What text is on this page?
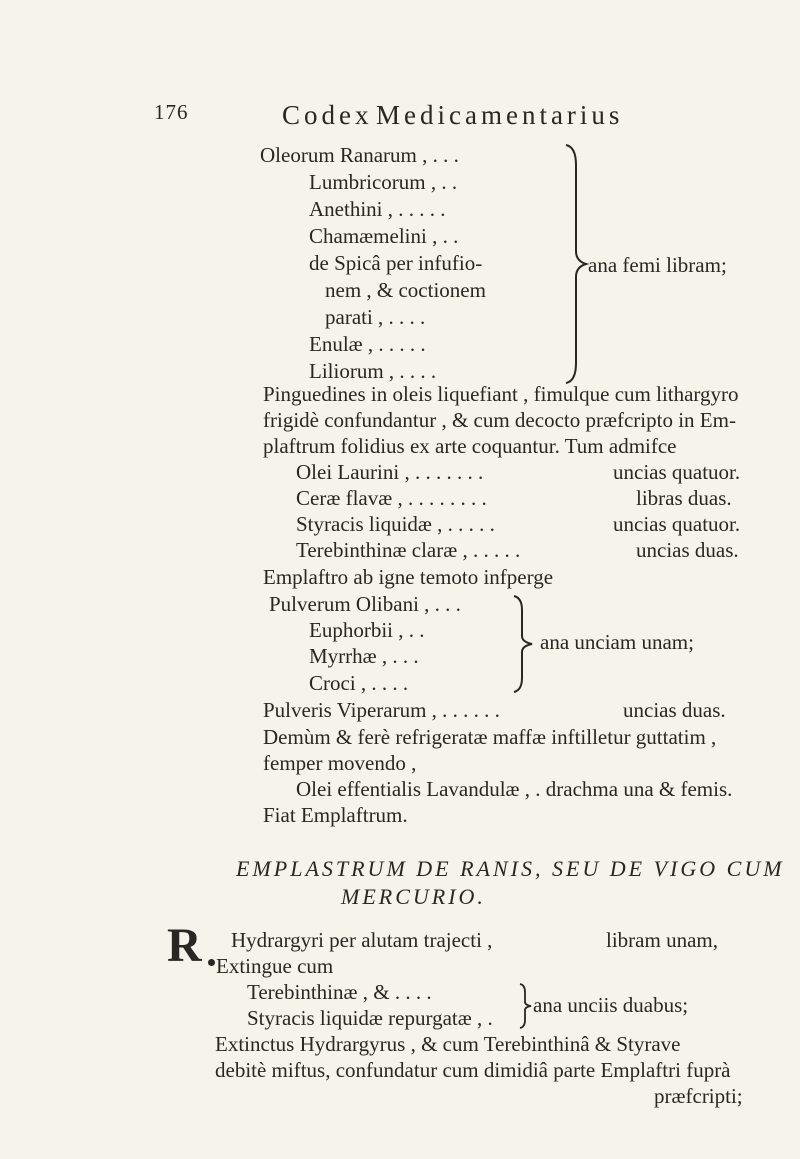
176	Codex Medicamentarius
Oleorum Ranarum , . . .
Lumbricorum , . .
Anethini , . . . . .
Chamæmelini , . .
de Spicâ per infufio-
nem , & coctionem
parati , . . . .
Enulæ , . . . . .
Liliorum , . . . .
ana femi libram;
Pinguedines in oleis liquefiant , fimulque cum lithargyro
frigidè confundantur , & cum decocto præfcripto in Em-
plaftrum folidius ex arte coquantur. Tum admifce
Olei Laurini , . . . . . . .	uncias quatuor.
Ceræ flavæ , . . . . . . . .	libras duas.
Styracis liquidæ , . . . . .	uncias quatuor.
Terebinthinæ claræ , . . . . .	uncias duas.
Emplaftro ab igne temoto infperge
Pulverum Olibani , . . .
Euphorbii , . .
Myrrhæ , . . .
Croci , . . . .
ana unciam unam;
Pulveris Viperarum , . . . . . .	uncias duas.
Demùm & ferè refrigeratæ maffæ inftilletur guttatim ,
femper movendo ,
Olei effentialis Lavandulæ , . drachma una & femis.
Fiat Emplaftrum.
EMPLASTRUM DE RANIS, SEU DE VIGO CUM
MERCURIO.
R Hydrargyri per alutam trajecti ,	libram unam,
Extingue cum
Terebinthinæ , & . . . .
Styracis liquidæ repurgatæ , .
ana unciis duabus;
Extinctus Hydrargyrus , & cum Terebinthinâ & Styrave
debitè miftus, confundatur cum dimidiâ parte Emplaftri fuprà
præfcripti;
